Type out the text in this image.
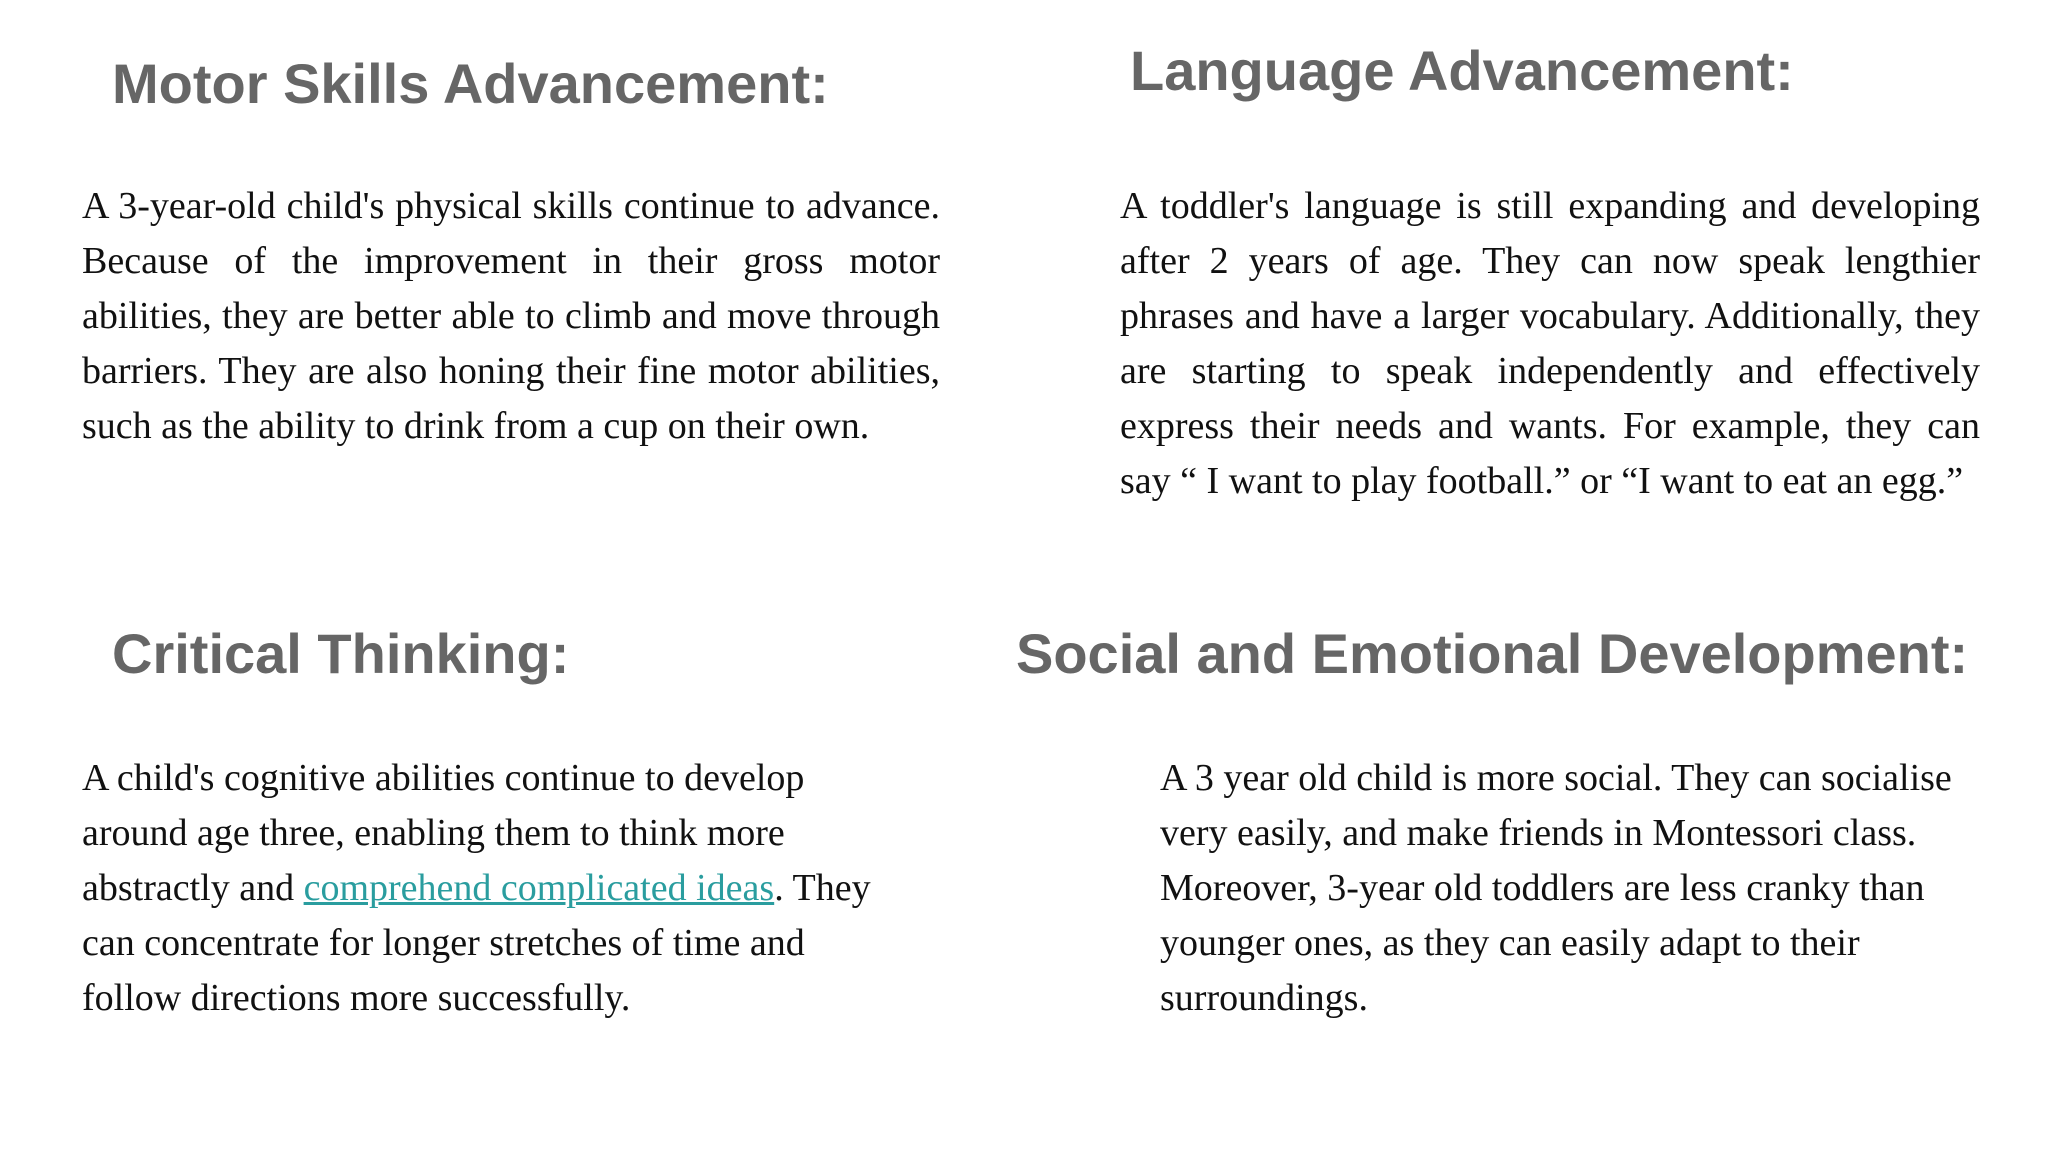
Motor Skills Advancement:

A 3-year-old child's physical skills continue to advance. Because of the improvement in their gross motor abilities, they are better able to climb and move through barriers. They are also honing their fine motor abilities, such as the ability to drink from a cup on their own.

Language Advancement:

A toddler's language is still expanding and developing after 2 years of age. They can now speak lengthier phrases and have a larger vocabulary. Additionally, they are starting to speak independently and effectively express their needs and wants. For example, they can say “ I want to play football.” or “I want to eat an egg.”

Critical Thinking:

A child's cognitive abilities continue to develop around age three, enabling them to think more abstractly and comprehend complicated ideas. They can concentrate for longer stretches of time and follow directions more successfully.

Social and Emotional Development:

A 3 year old child is more social. They can socialise very easily, and make friends in Montessori class. Moreover, 3-year old toddlers are less cranky than younger ones, as they can easily adapt to their surroundings.
